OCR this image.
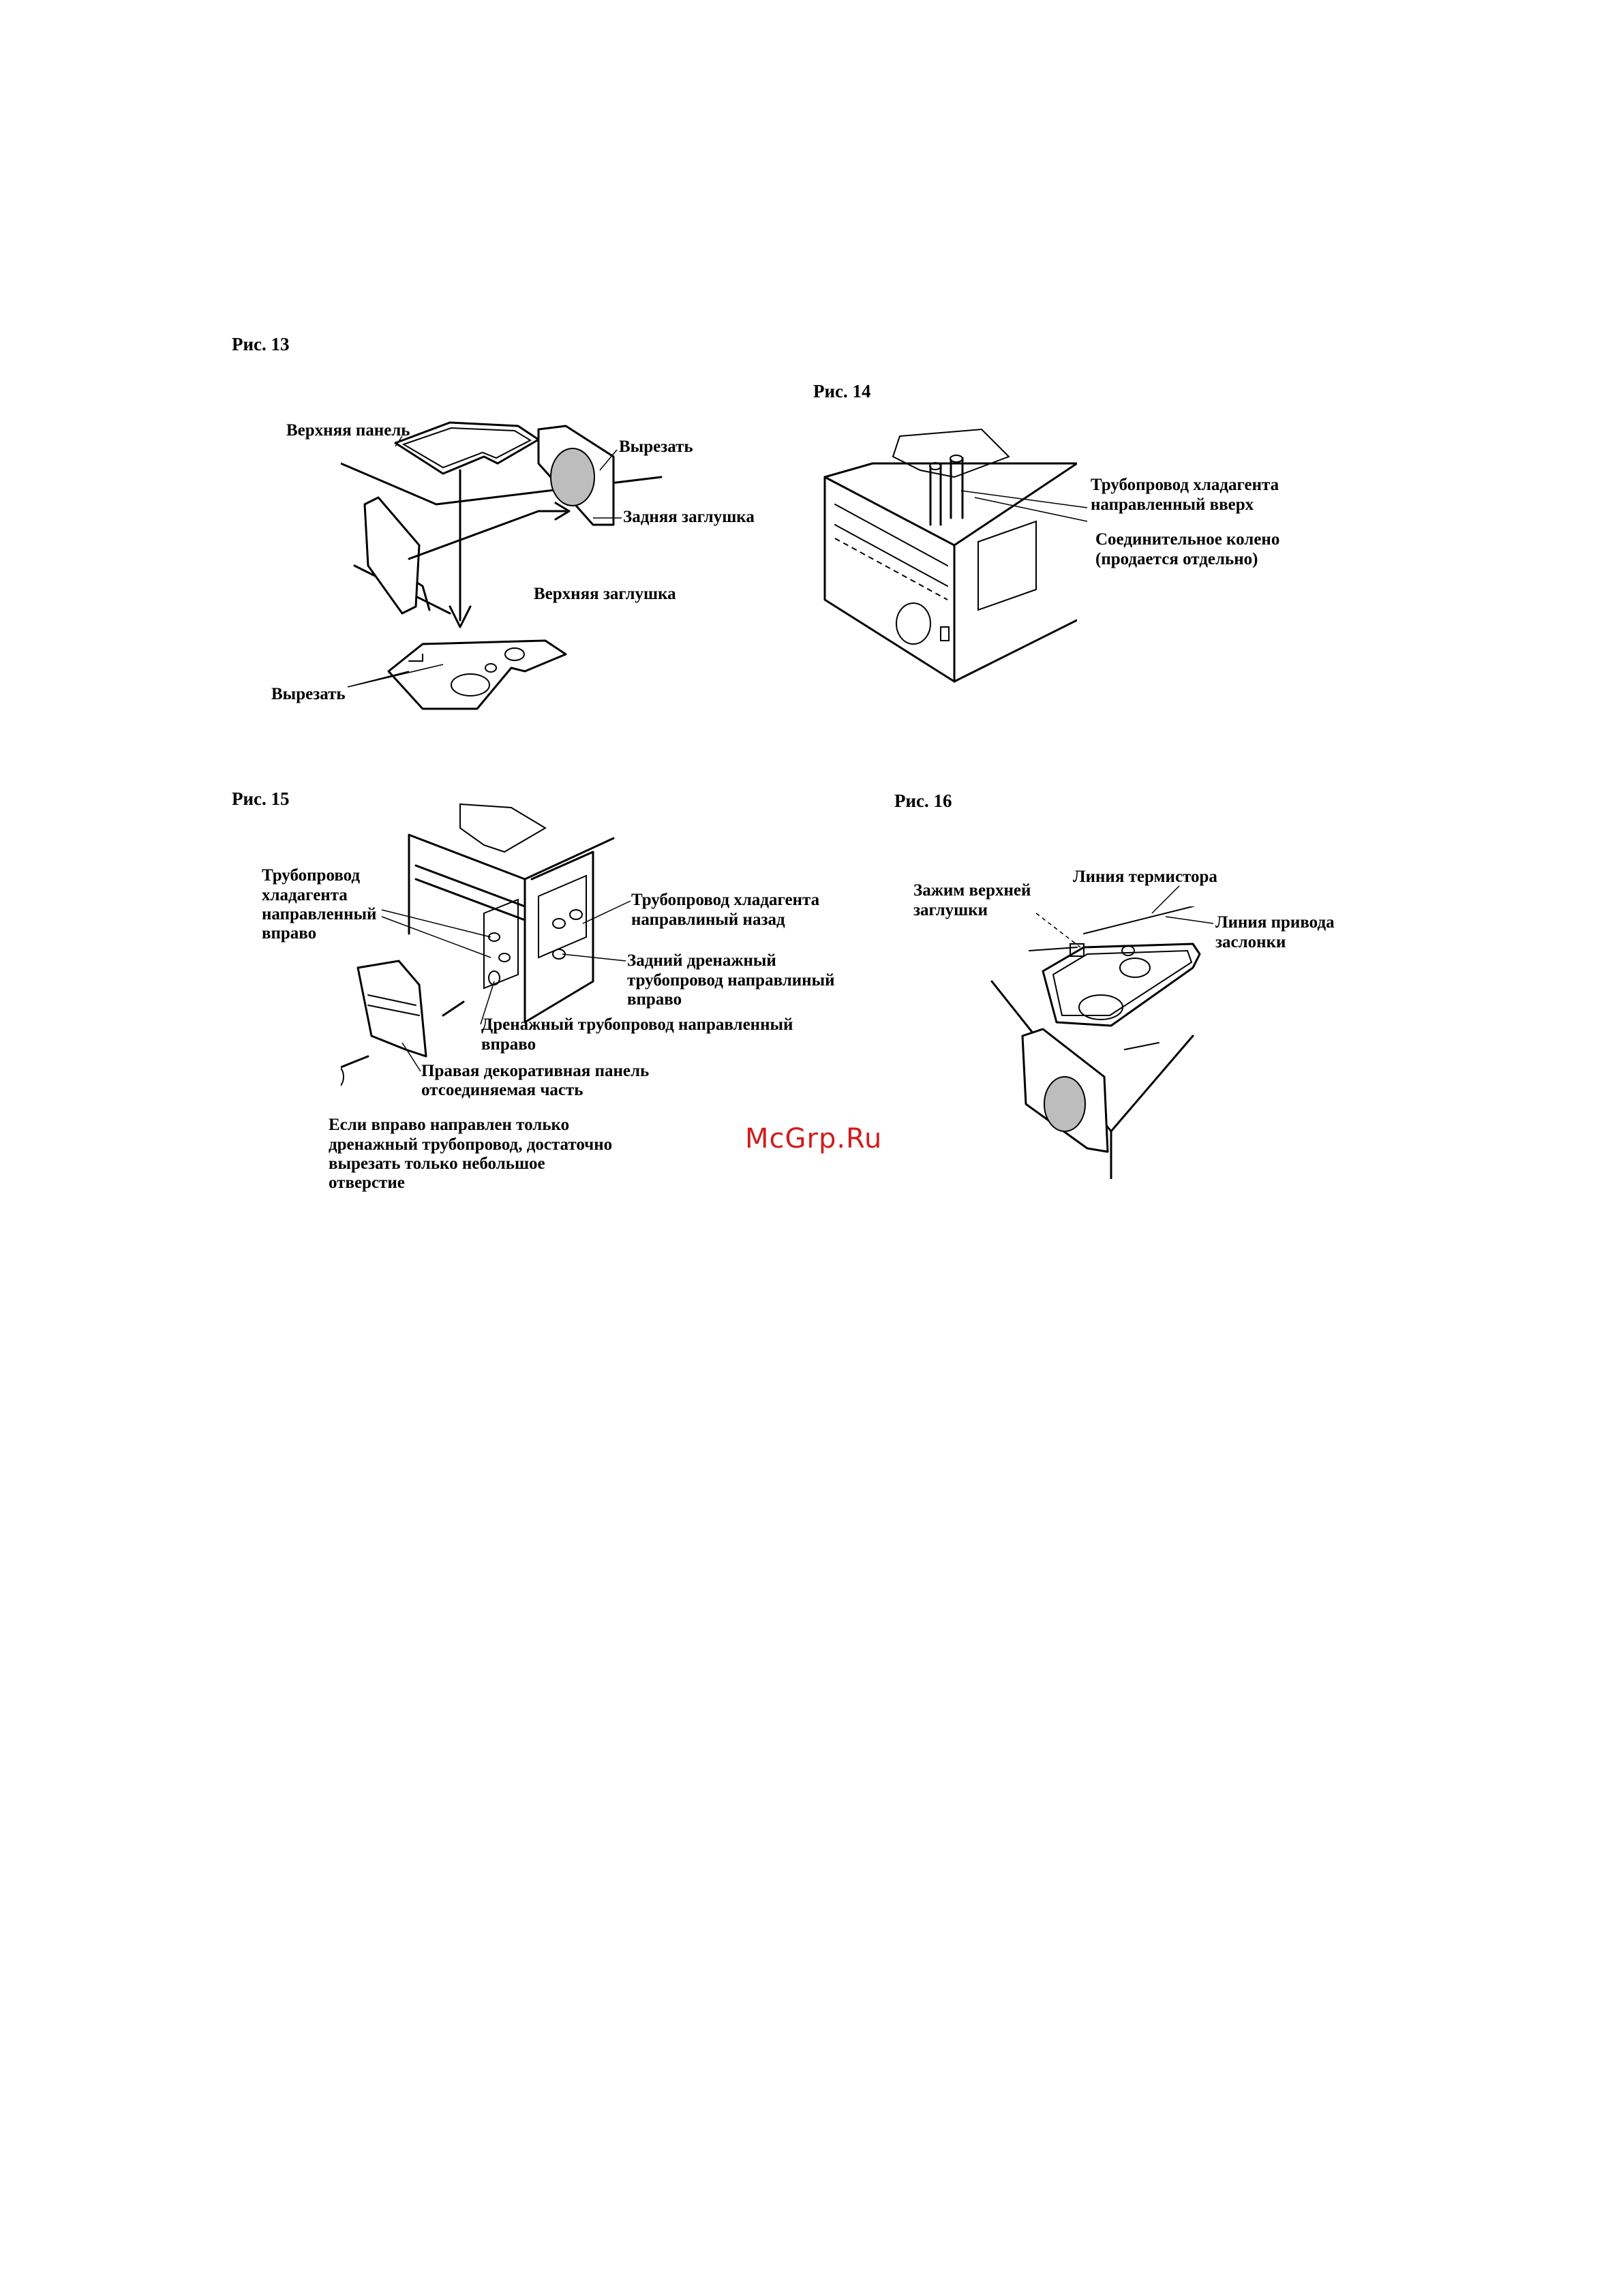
Рис. 13
Верхняя панель
Вырезать
Задняя заглушка
Верхняя заглушка
Вырезать
Рис. 14
Трубопровод хладагента
направленный вверх
Соединительное колено
(продается отдельно)
Рис. 15
Трубопровод
хладагента
направленный
вправо
Трубопровод хладагента
направлиный назад
Задний дренажный
трубопровод направлиный
вправо
Дренажный трубопровод направленный
вправо
Правая декоративная панель
отсоединяемая часть
Если вправо направлен только
дренажный трубопровод, достаточно
вырезать только небольшое
отверстие
McGrp.Ru
Рис. 16
Линия термистора
Зажим верхней
заглушки
Линия привода
заслонки
